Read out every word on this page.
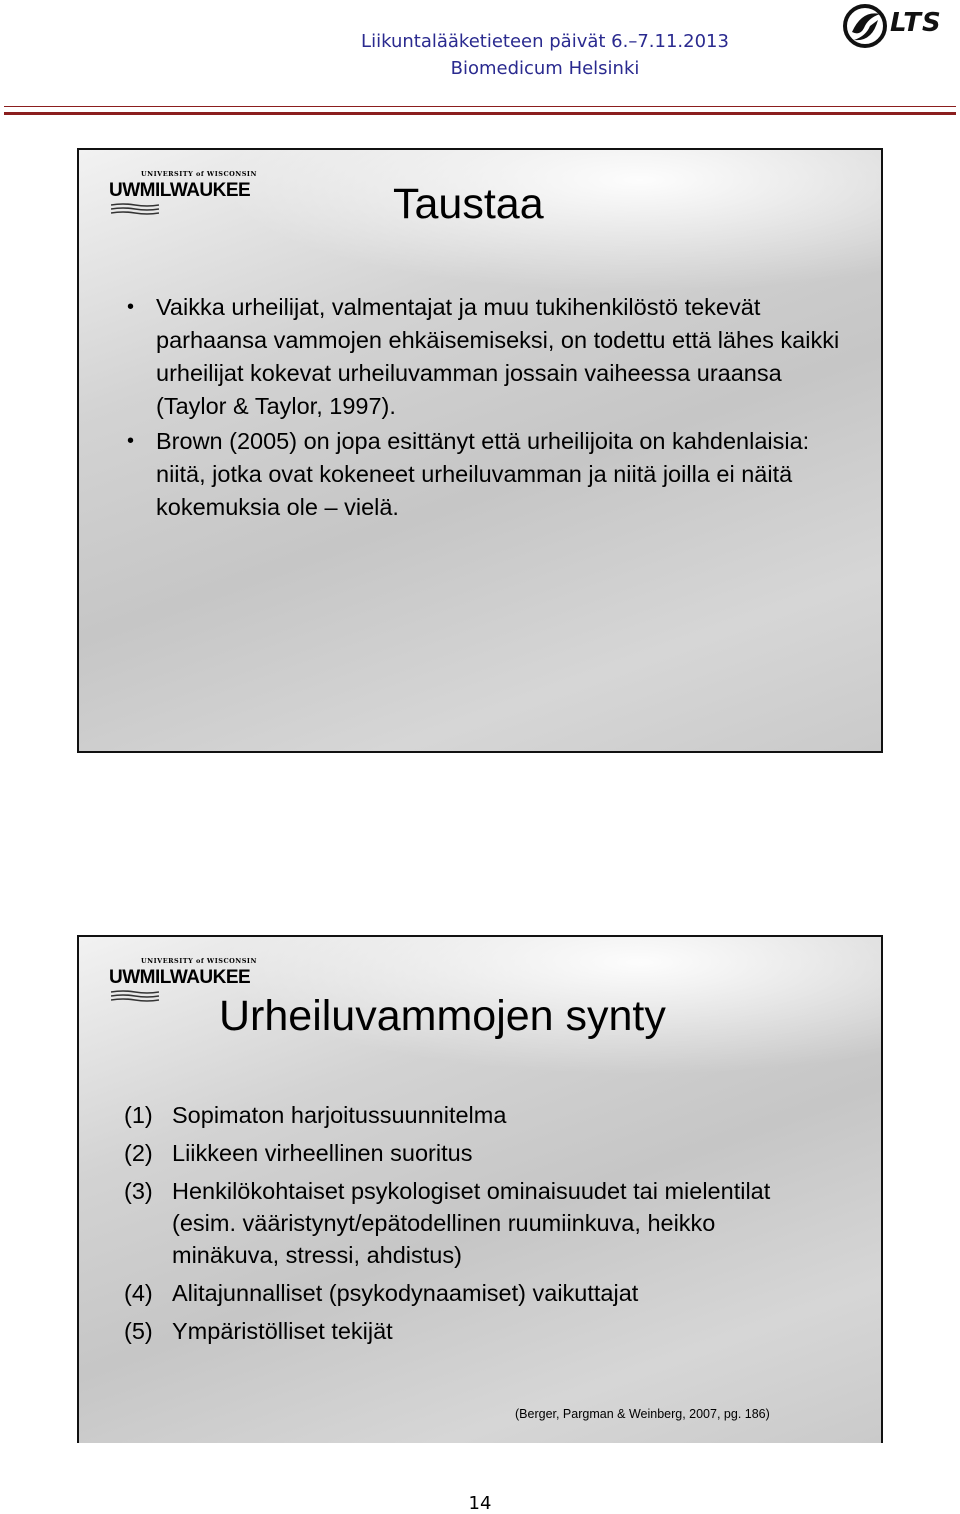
Liikuntalääketieteen päivät 6.–7.11.2013
Biomedicum Helsinki
LTS
UNIVERSITY of WISCONSIN
UWMILWAUKEE	Taustaa
• Vaikka urheilijat, valmentajat ja muu tukihenkilöstö tekevät parhaansa vammojen ehkäisemiseksi, on todettu että lähes kaikki urheilijat kokevat urheiluvamman jossain vaiheessa uraansa (Taylor & Taylor, 1997).
• Brown (2005) on jopa esittänyt että urheilijoita on kahdenlaisia: niitä, jotka ovat kokeneet urheiluvamman ja niitä joilla ei näitä kokemuksia ole – vielä.
UNIVERSITY of WISCONSIN
UWMILWAUKEE
Urheiluvammojen synty
(1) Sopimaton harjoitussuunnitelma
(2) Liikkeen virheellinen suoritus
(3) Henkilökohtaiset psykologiset ominaisuudet tai mielentilat (esim. vääristynyt/epätodellinen ruumiinkuva, heikko minäkuva, stressi, ahdistus)
(4) Alitajunnalliset (psykodynaamiset) vaikuttajat
(5) Ympäristölliset tekijät
(Berger, Pargman & Weinberg, 2007, pg. 186)
14
